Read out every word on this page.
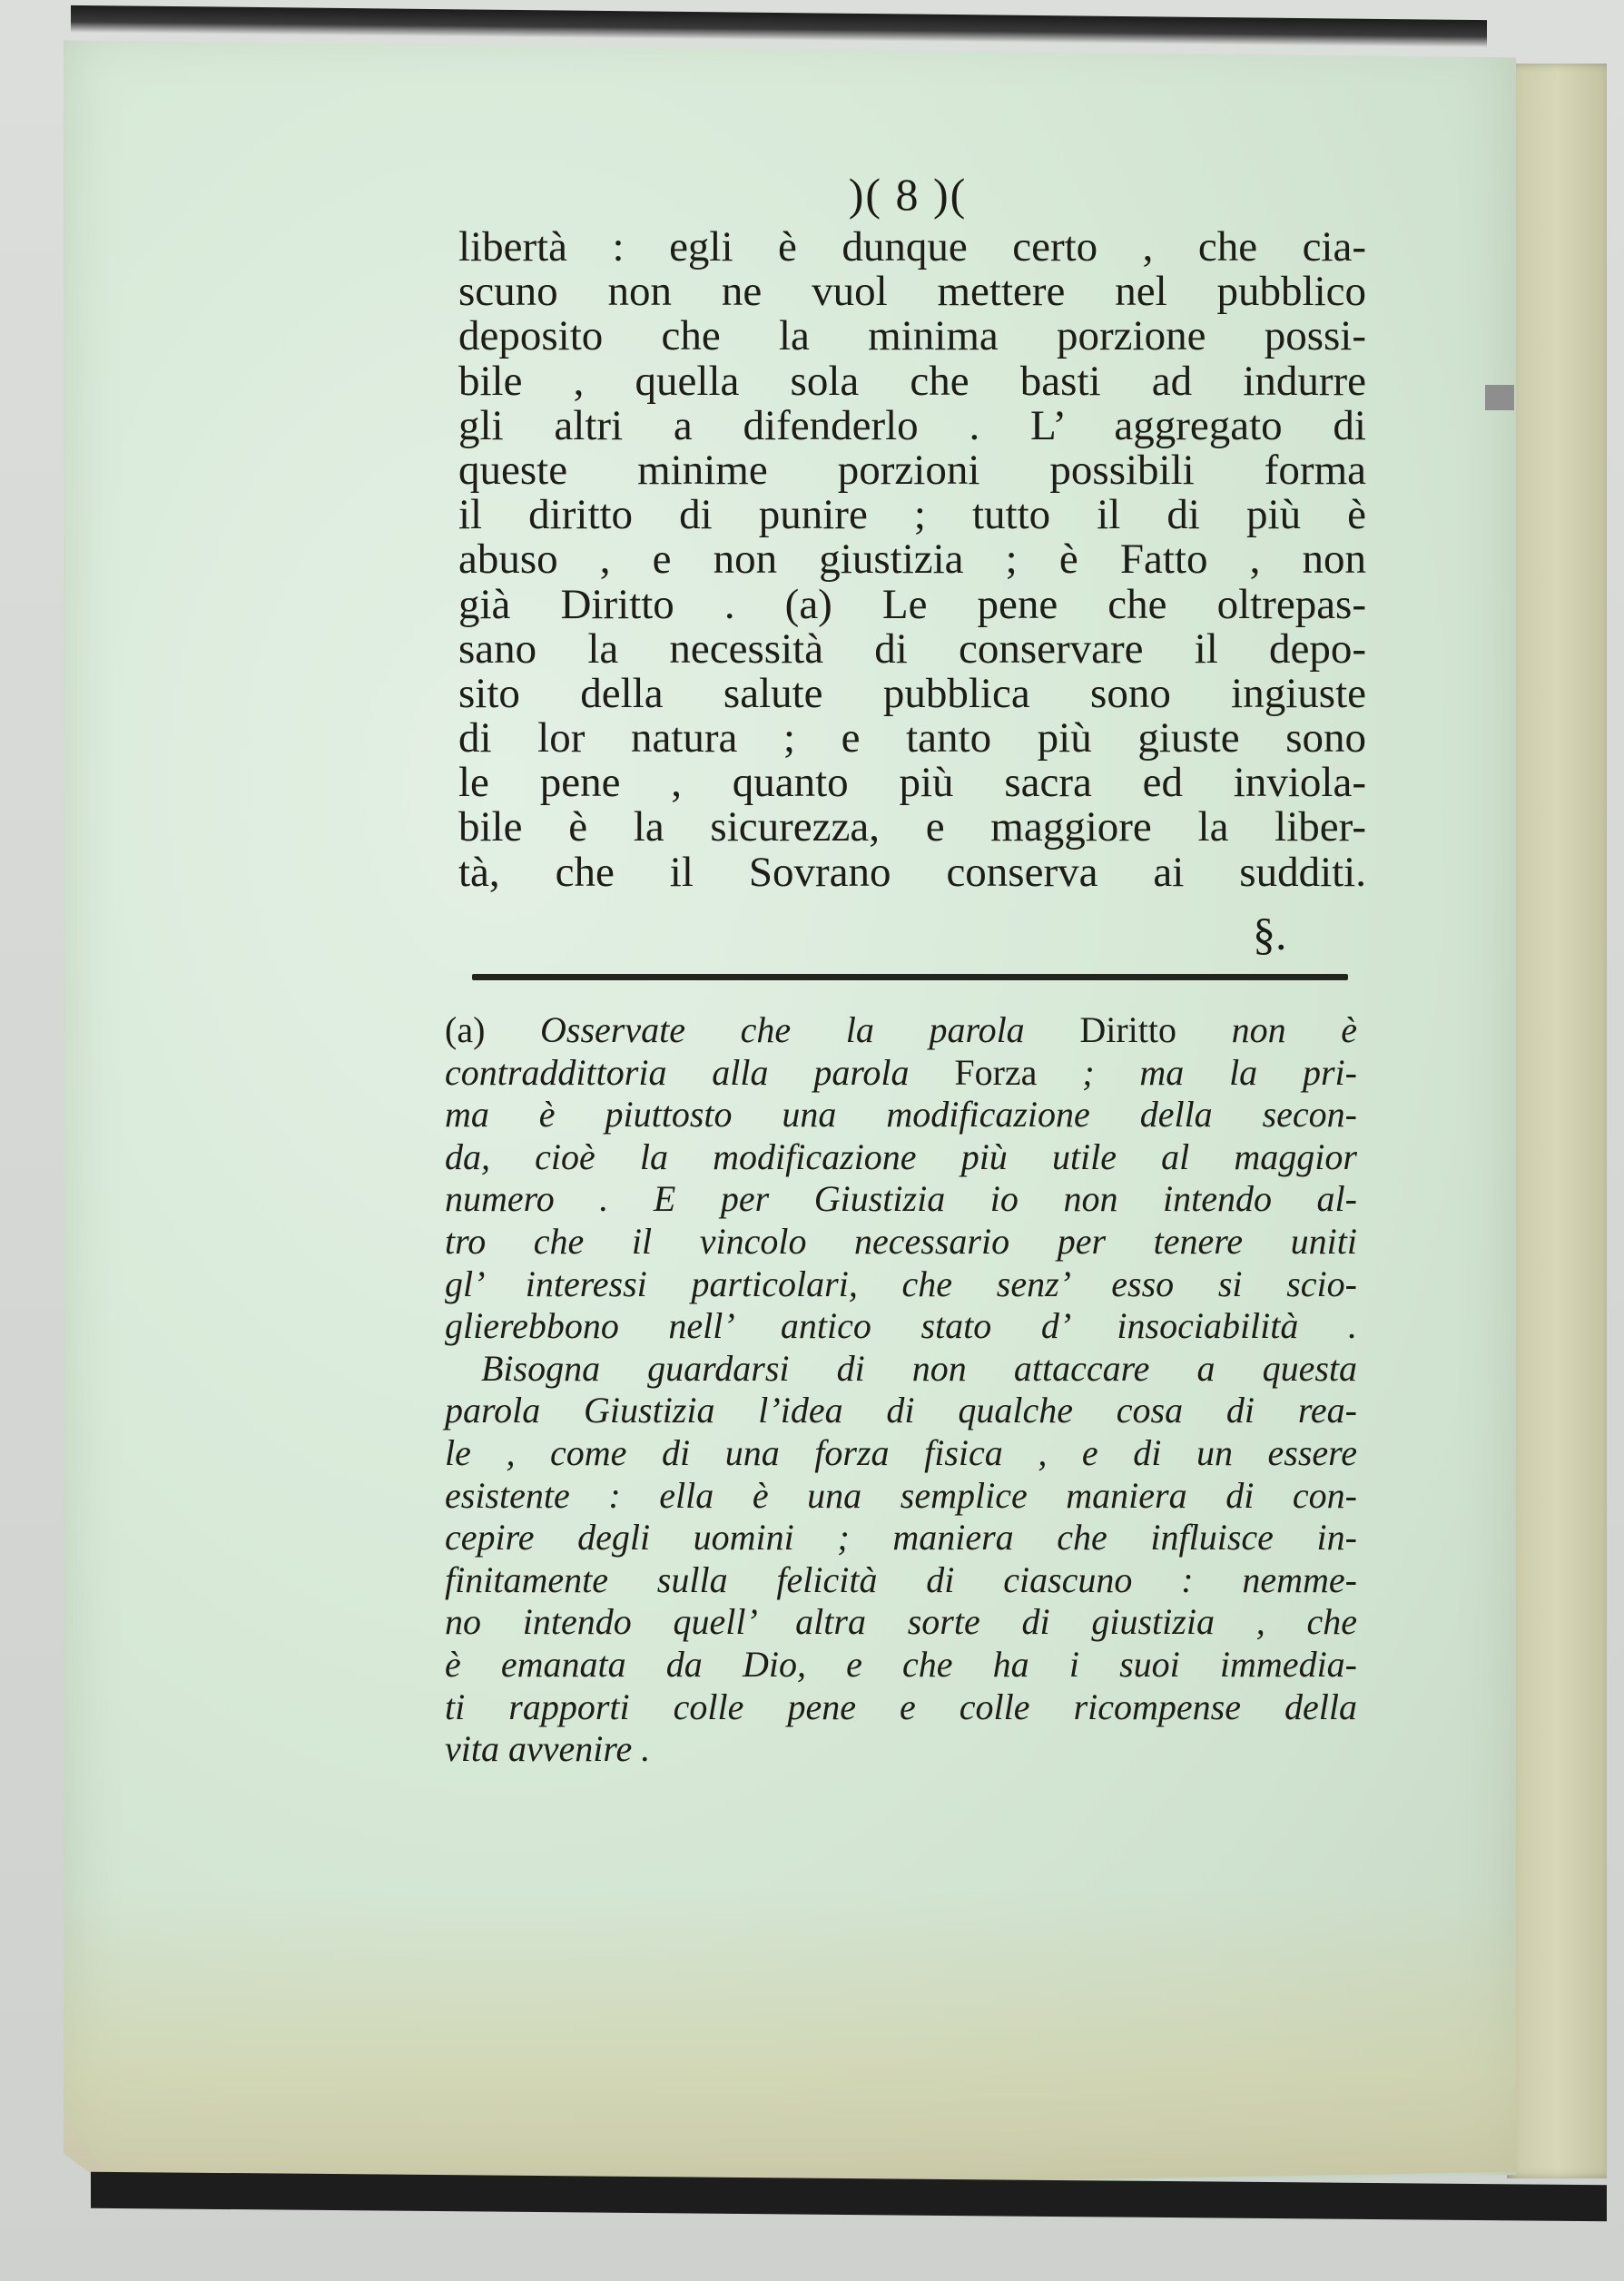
)( 8 )(
libertà : egli è dunque certo , che cia-
scuno non ne vuol mettere nel pubblico
deposito che la minima porzione possi-
bile , quella sola che basti ad indurre
gli altri a difenderlo . L’ aggregato di
queste minime porzioni possibili forma
il diritto di punire ; tutto il di più è
abuso , e non giustizia ; è Fatto , non
già Diritto . (a) Le pene che oltrepas-
sano la necessità di conservare il depo-
sito della salute pubblica sono ingiuste
di lor natura ; e tanto più giuste sono
le pene , quanto più sacra ed inviola-
bile è la sicurezza, e maggiore la liber-
tà, che il Sovrano conserva ai sudditi.
§.
(a) Osservate che la parola Diritto non è
contraddittoria alla parola Forza ; ma la pri-
ma è piuttosto una modificazione della secon-
da, cioè la modificazione più utile al maggior
numero . E per Giustizia io non intendo al-
tro che il vincolo necessario per tenere uniti
gl’ interessi particolari, che senz’ esso si scio-
glierebbono nell’ antico stato d’ insociabilità .
Bisogna guardarsi di non attaccare a questa
parola Giustizia l’idea di qualche cosa di rea-
le , come di una forza fisica , e di un essere
esistente : ella è una semplice maniera di con-
cepire degli uomini ; maniera che influisce in-
finitamente sulla felicità di ciascuno : nemme-
no intendo quell’ altra sorte di giustizia , che
è emanata da Dio, e che ha i suoi immedia-
ti rapporti colle pene e colle ricompense della
vita avvenire .
